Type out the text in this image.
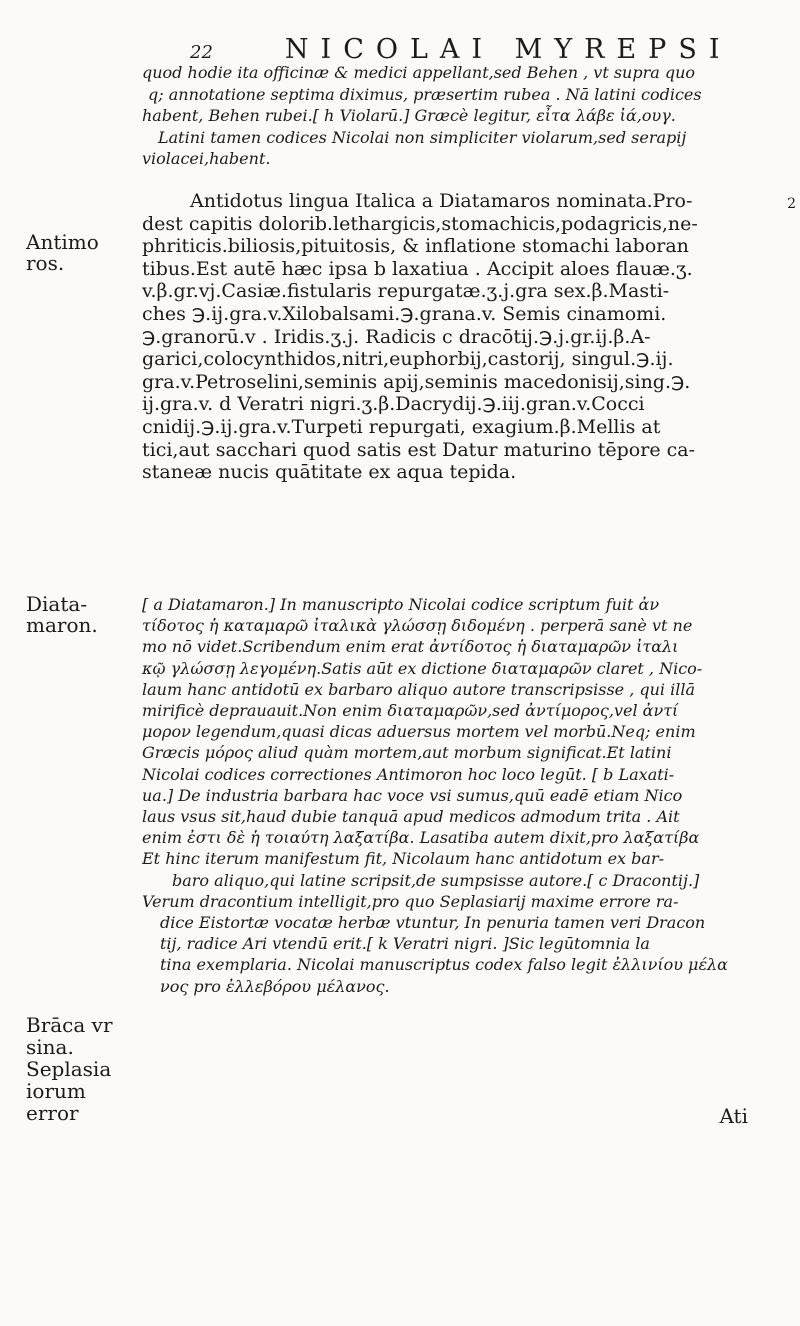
22	NICOLAI MYREPSI
quod hodie ita officinæ & medici appellant,sed Behen , vt supra quo
q; annotatione septima diximus, præsertim rubea . Nā latini codices
habent, Behen rubei.[ h Violarū.] Græcè legitur, εἶτα λάβε ἰά,ουγ.
Latini tamen codices Nicolai non simpliciter violarum,sed serapij
violacei,habent.
Antidotus lingua Italica a Diatamaros nominata.Pro-
dest capitis dolorib.lethargicis,stomachicis,podagricis,ne-
phriticis.biliosis,pituitosis, & inflatione stomachi laboran
tibus.Est autē hæc ipsa b laxatiua . Accipit aloes flauæ.ʒ.
v.β.gr.vj.Casiæ.fistularis repurgatæ.ʒ.j.gra sex.β.Masti-
ches ℈.ij.gra.v.Xilobalsami.℈.grana.v. Semis cinamomi.
℈.granorū.v . Iridis.ʒ.j. Radicis c dracōtij.℈.j.gr.ij.β.A-
garici,colocynthidos,nitri,euphorbij,castorij, singul.℈.ij.
gra.v.Petroselini,seminis apij,seminis macedonisij,sing.℈.
ij.gra.v. d Veratri nigri.ʒ.β.Dacrydij.℈.iij.gran.v.Cocci
cnidij.℈.ij.gra.v.Turpeti repurgati, exagium.β.Mellis at
tici,aut sacchari quod satis est Datur maturino tēpore ca-
staneæ nucis quātitate ex aqua tepida.
[ a Diatamaron.] In manuscripto Nicolai codice scriptum fuit ἀν
τίδοτος ἡ καταμαρῶ ἰταλικὰ γλώσσῃ διδομένη . perperā sanè vt ne
mo nō videt.Scribendum enim erat ἀντίδοτος ἡ διαταμαρῶν ἰταλι
κῷ γλώσσῃ λεγομένη.Satis aūt ex dictione διαταμαρῶν claret , Nico-
laum hanc antidotū ex barbaro aliquo autore transcripsisse , qui illā
mirificè deprauauit.Non enim διαταμαρῶν,sed ἀντίμορος,vel ἀντί
μορον legendum,quasi dicas aduersus mortem vel morbū.Neq; enim
Græcis μόρος aliud quàm mortem,aut morbum significat.Et latini
Nicolai codices correctiones Antimoron hoc loco legūt. [ b Laxati-
ua.] De industria barbara hac voce vsi sumus,quū eadē etiam Nico
laus vsus sit,haud dubie tanquā apud medicos admodum trita . Ait
enim ἐστι δὲ ἡ τοιαύτη λαξατίβα. Lasatiba autem dixit,pro λαξατίβα
Et hinc iterum manifestum fit, Nicolaum hanc antidotum ex bar-
baro aliquo,qui latine scripsit,de sumpsisse autore.[ c Dracontij.]
Verum dracontium intelligit,pro quo Seplasiarij maxime errore ra-
dice Eistortæ vocatæ herbæ vtuntur, In penuria tamen veri Dracon
tij, radice Ari vtendū erit.[ k Veratri nigri. ]Sic legūtomnia la
tina exemplaria. Nicolai manuscriptus codex falso legit ἐλλινίου μέλα
νος pro ἐλλεβόρου μέλανος.
Antimo
ros.
Diata-
maron.
Brāca vr
sina.
Seplasia
iorum
error
2
Ati
